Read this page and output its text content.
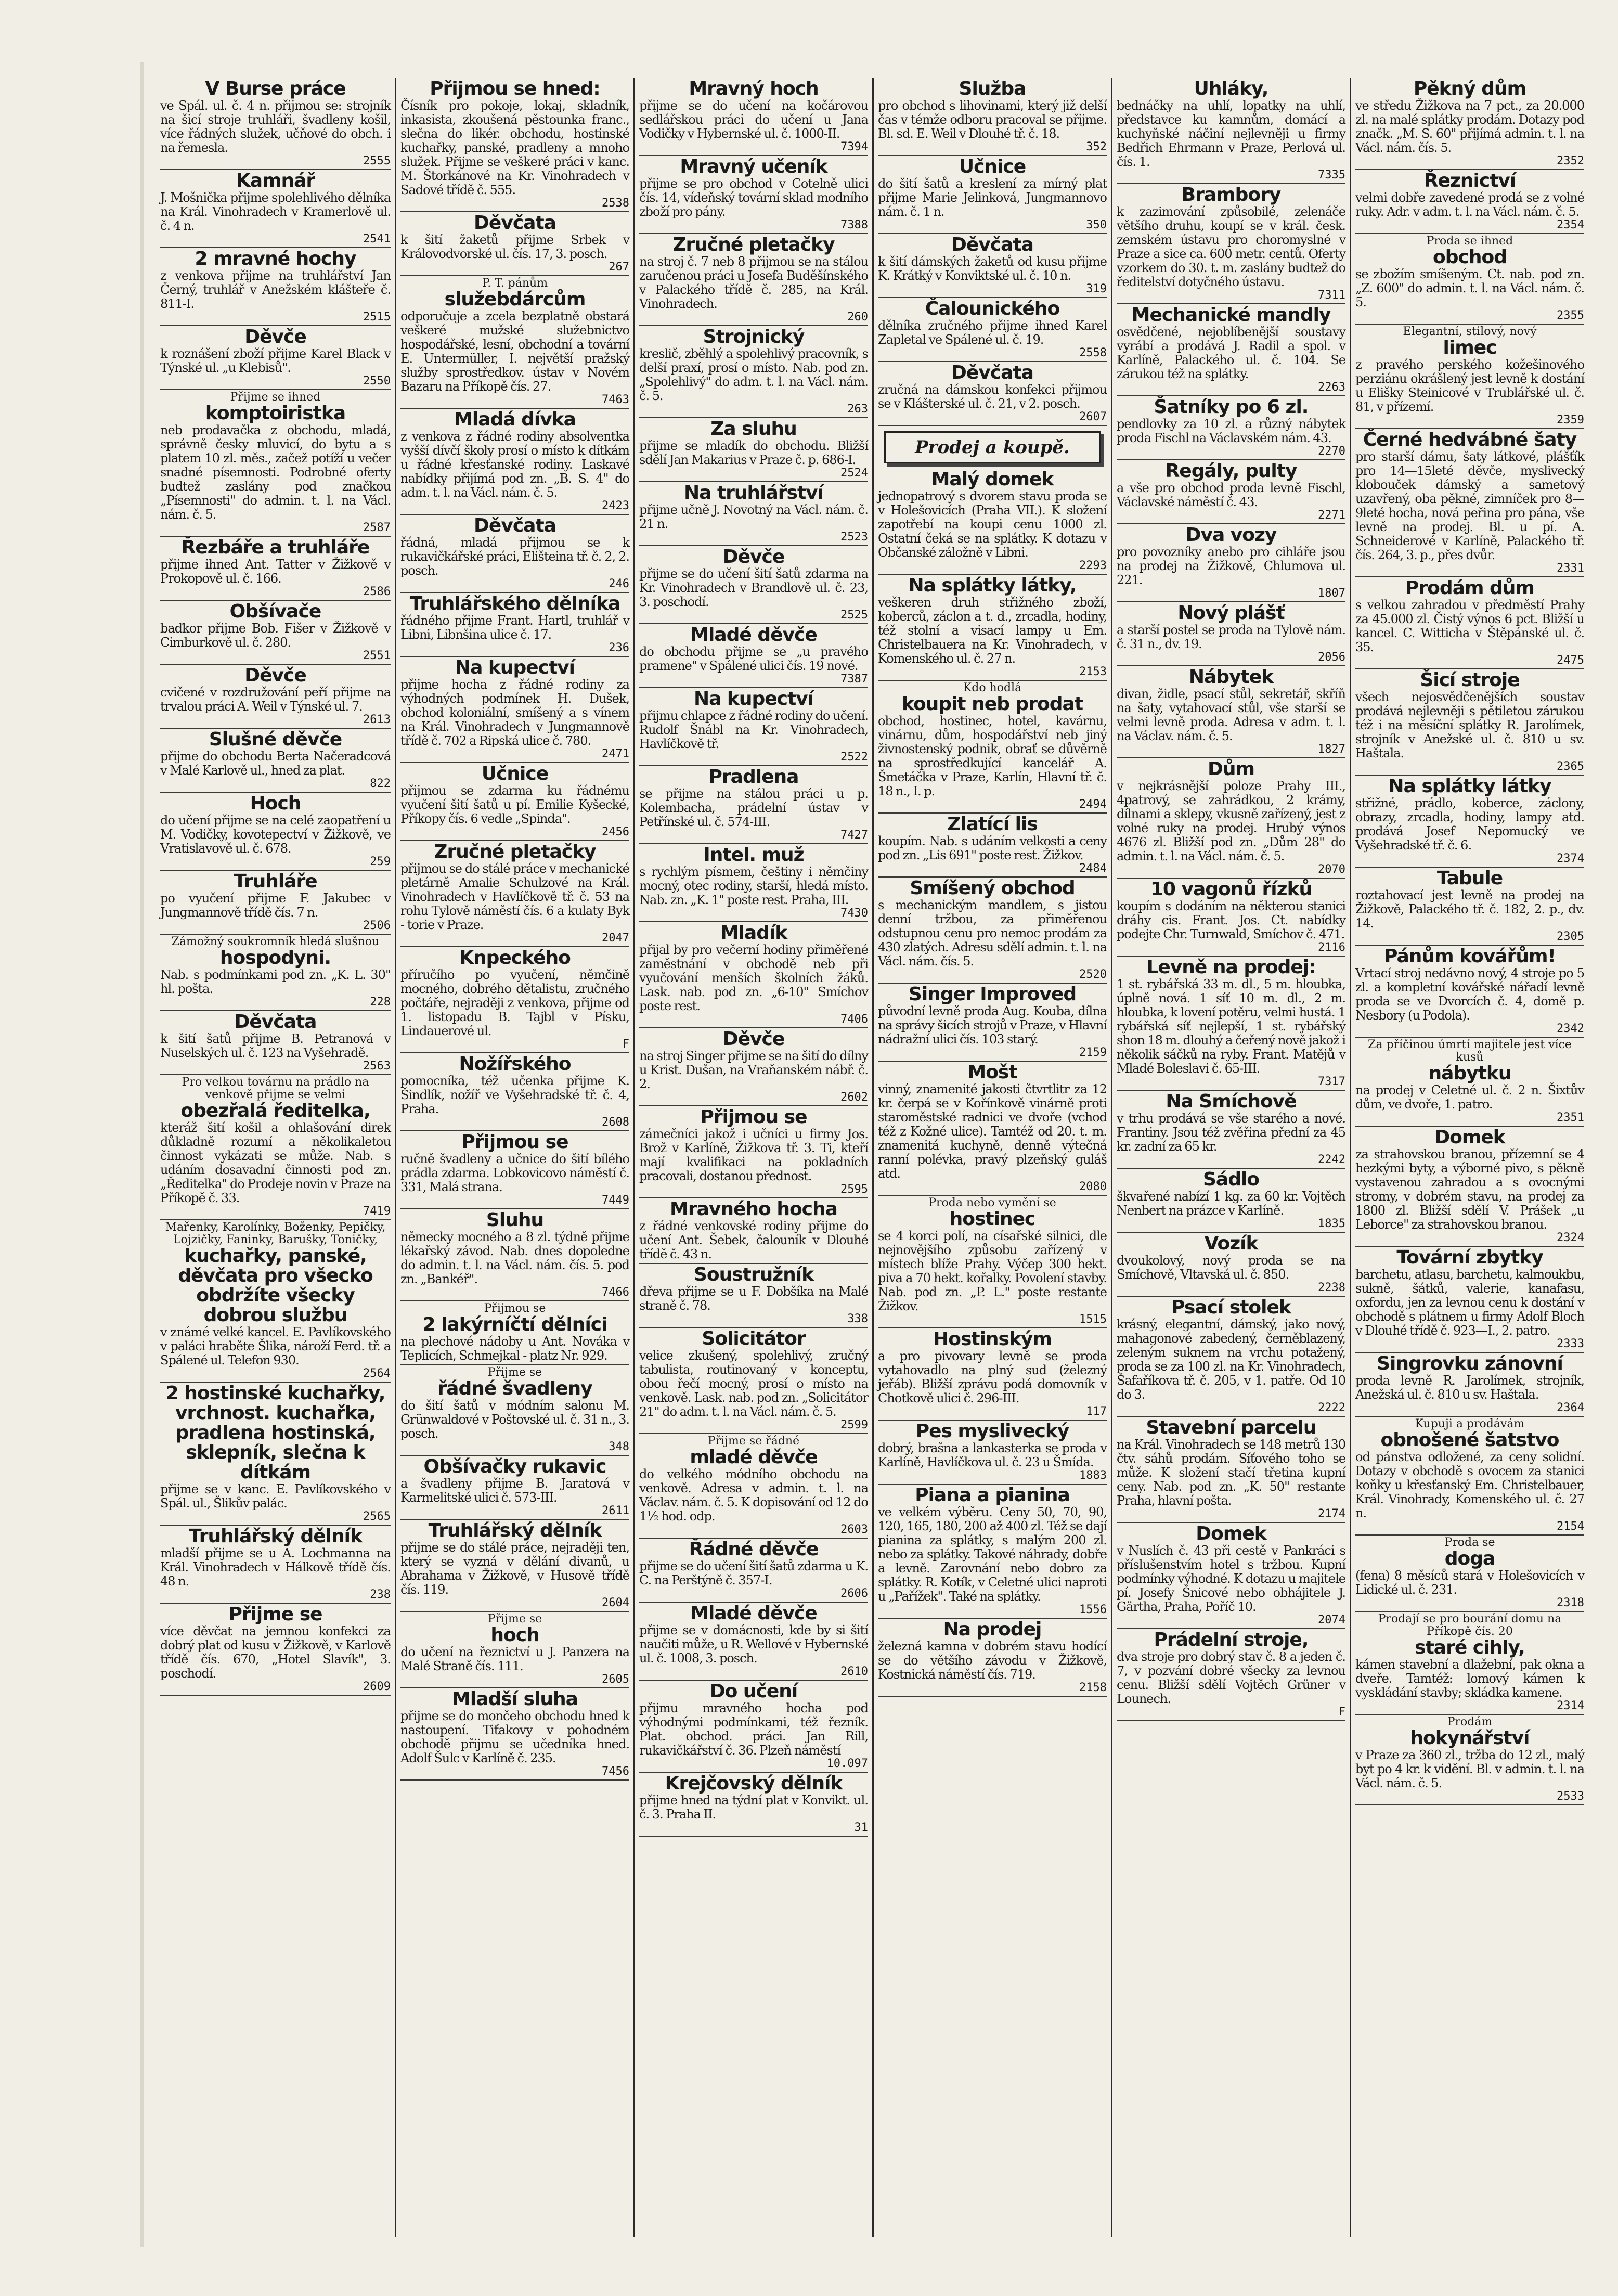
V Burse práce
ve Spál. ul. č. 4 n. přijmou se: strojník na šicí stroje truhláři, švadleny košil, více řádných služek, učňové do obch. i na řemesla.
2555
Kamnář
J. Mošnička přijme spolehlivého dělníka na Král. Vinohradech v Kramerlově ul. č. 4 n.
2541
2 mravné hochy
z venkova přijme na truhlářství Jan Černý, truhlář v Anežském klášteře č. 811-I.
2515
Děvče
k roznášení zboží přijme Karel Black v Týnské ul. „u Klebisů".
2550
Přijme se ihned
komptoiristka
neb prodavačka z obchodu, mladá, správně česky mluvicí, do bytu a s platem 10 zl. měs., začež potíží u večer snadné písemnosti. Podrobné oferty budtež zaslány pod značkou „Písemnosti" do admin. t. l. na Václ. nám. č. 5.
2587
Řezbáře a truhláře
přijme ihned Ant. Tatter v Žižkově v Prokopově ul. č. 166.
2586
Obšívače
baďkor přijme Bob. Fišer v Žižkově v Cimburkově ul. č. 280.
2551
Děvče
cvičené v rozdružování peří přijme na trvalou práci A. Weil v Týnské ul. 7.
2613
Slušné děvče
přijme do obchodu Berta Načeradcová v Malé Karlově ul., hned za plat.
822
Hoch
do učení přijme se na celé zaopatření u M. Vodičky, kovotepectví v Žižkově, ve Vratislavově ul. č. 678.
259
Truhláře
po vyučení přijme F. Jakubec v Jungmannově třídě čís. 7 n.
2506
Zámožný soukromník hledá slušnou
hospodyni.
Nab. s podmínkami pod zn. „K. L. 30" hl. pošta.
228
Děvčata
k šití šatů přijme B. Petranová v Nuselských ul. č. 123 na Vyšehradě.
2563
Pro velkou továrnu na prádlo na venkově přijme se velmi
obezřalá ředitelka,
kteráž šití košil a ohlašování direk důkladně rozumí a několikaletou činnost vykázati se může. Nab. s udáním dosavadní činnosti pod zn. „Ředitelka" do Prodeje novin v Praze na Příkopě č. 33.
7419
Mařenky, Karolínky, Boženky, Pepičky, Lojzičky, Faninky, Barušky, Toničky,
kuchařky, panské, děvčata pro všecko obdržíte všecky dobrou službu
v známé velké kancel. E. Pavlíkovského v paláci hraběte Šlika, nároží Ferd. tř. a Spálené ul. Telefon 930.
2564
2 hostinské kuchařky, vrchnost. kuchařka, pradlena hostinská, sklepník, slečna k dítkám
přijme se v kanc. E. Pavlíkovského v Spál. ul., Šlikův palác.
2565
Truhlářský dělník
mladší přijme se u A. Lochmanna na Král. Vinohradech v Hálkově třídě čís. 48 n.
238
Přijme se
více děvčat na jemnou konfekci za dobrý plat od kusu v Žižkově, v Karlově třídě čís. 670, „Hotel Slavík", 3. poschodí.
2609
Přijmou se hned:
Čísník pro pokoje, lokaj, skladník, inkasista, zkoušená pěstounka franc., slečna do likér. obchodu, hostinské kuchařky, panské, pradleny a mnoho služek. Přijme se veškeré práci v kanc. M. Štorkánové na Kr. Vinohradech v Sadové třídě č. 555.
2538
Děvčata
k šití žaketů přijme Srbek v Královodvorské ul. čís. 17, 3. posch.
267
P. T. pánům
služebdárcům
odporučuje a zcela bezplatně obstará veškeré mužské služebnictvo hospodářské, lesní, obchodní a tovární E. Untermüller, I. největší pražský služby sprostředkov. ústav v Novém Bazaru na Příkopě čís. 27.
7463
Mladá dívka
z venkova z řádné rodiny absolventka vyšší dívčí školy prosí o místo k dítkám u řádné křesťanské rodiny. Laskavé nabídky přijímá pod zn. „B. S. 4" do adm. t. l. na Václ. nám. č. 5.
2423
Děvčata
řádná, mladá přijmou se k rukavičkářské práci, Elišteina tř. č. 2, 2. posch.
246
Truhlářského dělníka
řádného přijme Frant. Hartl, truhlář v Libni, Libnšina ulice č. 17.
236
Na kupectví
přijme hocha z řádné rodiny za výhodných podmínek H. Dušek, obchod koloniální, smíšený a s vínem na Král. Vinohradech v Jungmannově třídě č. 702 a Ripská ulice č. 780.
2471
Učnice
přijmou se zdarma ku řádnému vyučení šití šatů u pí. Emilie Kyšecké, Příkopy čís. 6 vedle „Spinda".
2456
Zručné pletačky
přijmou se do stálé práce v mechanické pletárně Amalie Schulzové na Král. Vinohradech v Havlíčkově tř. č. 53 na rohu Tylově náměstí čís. 6 a kulaty Byk - torie v Praze.
2047
Knpeckého
příručího po vyučení, němčině mocného, dobrého dětalistu, zručného počtáře, nejraději z venkova, přijme od 1. listopadu B. Tajbl v Písku, Lindauerové ul.
F
Nožířského
pomocníka, též učenka přijme K. Šindlík, nožíř ve Vyšehradské tř. č. 4, Praha.
2608
Přijmou se
ručně švadleny a učnice do šití bílého prádla zdarma. Lobkovicovo náměstí č. 331, Malá strana.
7449
Sluhu
německy mocného a 8 zl. týdně přijme lékařský závod. Nab. dnes dopoledne do admin. t. l. na Václ. nám. čís. 5. pod zn. „Bankéř".
7466
Přijmou se
2 lakýrníčtí dělníci
na plechové nádoby u Ant. Nováka v Teplicích, Schmejkal - platz Nr. 929.
Přijme se
řádné švadleny
do šití šatů v módním salonu M. Grünwaldové v Poštovské ul. č. 31 n., 3. posch.
348
Obšívačky rukavic
a švadleny přijme B. Jaratová v Karmelitské ulici č. 573-III.
2611
Truhlářský dělník
přijme se do stálé práce, nejraději ten, který se vyzná v dělání divanů, u Abrahama v Žižkově, v Husově třídě čís. 119.
2604
Přijme se
hoch
do učení na řeznictví u J. Panzera na Malé Straně čís. 111.
2605
Mladší sluha
přijme se do mončeho obchodu hned k nastoupení. Tiťakovy v pohodném obchodě přijmu se učedníka hned. Adolf Šulc v Karlíně č. 235.
7456
Mravný hoch
přijme se do učení na kočárovou sedlářskou práci do učení u Jana Vodičky v Hybernské ul. č. 1000-II.
7394
Mravný učeník
přijme se pro obchod v Cotelně ulici čís. 14, vídeňský tovární sklad modního zboží pro pány.
7388
Zručné pletačky
na stroj č. 7 neb 8 přijmou se na stálou zaručenou práci u Josefa Buděšínského v Palackého třídě č. 285, na Král. Vinohradech.
260
Strojnický
kreslič, zběhlý a spolehlivý pracovník, s delší praxí, prosí o místo. Nab. pod zn. „Spolehlivý" do adm. t. l. na Václ. nám. č. 5.
263
Za sluhu
přijme se mladík do obchodu. Bližší sdělí Jan Makarius v Praze č. p. 686-I.
2524
Na truhlářství
přijme učně J. Novotný na Václ. nám. č. 21 n.
2523
Děvče
přijme se do učení šití šatů zdarma na Kr. Vinohradech v Brandlově ul. č. 23, 3. poschodí.
2525
Mladé děvče
do obchodu přijme se „u pravého pramene" v Spálené ulici čís. 19 nové.
7387
Na kupectví
přijmu chlapce z řádné rodiny do učení. Rudolf Šnábl na Kr. Vinohradech, Havlíčkově tř.
2522
Pradlena
se přijme na stálou práci u p. Kolembacha, prádelní ústav v Petřínské ul. č. 574-III.
7427
Intel. muž
s rychlým písmem, češtiny i němčiny mocný, otec rodiny, starší, hledá místo. Nab. zn. „K. 1" poste rest. Praha, III.
7430
Mladík
přijal by pro večerní hodiny přiměřené zaměstnání v obchodě neb při vyučování menších školních žáků. Lask. nab. pod zn. „6-10" Smíchov poste rest.
7406
Děvče
na stroj Singer přijme se na šití do dílny u Krist. Dušan, na Vraňanském nábř. č. 2.
2602
Přijmou se
zámečníci jakož i učníci u firmy Jos. Brož v Karlíně, Žižkova tř. 3. Ti, kteří mají kvalifikaci na pokladních pracovali, dostanou přednost.
2595
Mravného hocha
z řádné venkovské rodiny přijme do učení Ant. Šebek, čalouník v Dlouhé třídě č. 43 n.
Soustružník
dřeva přijme se u F. Dobšíka na Malé straně č. 78.
338
Solicitátor
velice zkušený, spolehlivý, zručný tabulista, routinovaný v konceptu, obou řečí mocný, prosí o místo na venkově. Lask. nab. pod zn. „Solicitátor 21" do adm. t. l. na Václ. nám. č. 5.
2599
Přijme se řádné
mladé děvče
do velkého módního obchodu na venkově. Adresa v admin. t. l. na Václav. nám. č. 5. K dopisování od 12 do 1½ hod. odp.
2603
Řádné děvče
přijme se do učení šití šatů zdarma u K. C. na Perštýně č. 357-I.
2606
Mladé děvče
přijme se v domácnosti, kde by si šití naučiti může, u R. Wellové v Hybernské ul. č. 1008, 3. posch.
2610
Do učení
přijmu mravného hocha pod výhodnými podmínkami, též řezník. Plat. obchod. práci. Jan Rill, rukavičkářství č. 36. Plzeň náměstí
10.097
Krejčovský dělník
přijme hned na týdní plat v Konvikt. ul. č. 3. Praha II.
31
Služba
pro obchod s lihovinami, který již delší čas v témže odboru pracoval se přijme. Bl. sd. E. Weil v Dlouhé tř. č. 18.
352
Učnice
do šití šatů a kreslení za mírný plat přijme Marie Jelinková, Jungmannovo nám. č. 1 n.
350
Děvčata
k šití dámských žaketů od kusu přijme K. Krátký v Konviktské ul. č. 10 n.
319
Čalounického
dělníka zručného přijme ihned Karel Zapletal ve Spálené ul. č. 19.
2558
Děvčata
zručná na dámskou konfekci přijmou se v Klášterské ul. č. 21, v 2. posch.
2607
Prodej a koupě.
Malý domek
jednopatrový s dvorem stavu proda se v Holešovicích (Praha VII.). K složení zapotřebí na koupi cenu 1000 zl. Ostatní čeká se na splátky. K dotazu v Občanské záložně v Libni.
2293
Na splátky látky,
veškeren druh střižného zboží, koberců, záclon a t. d., zrcadla, hodiny, též stolní a visací lampy u Em. Christelbauera na Kr. Vinohradech, v Komenského ul. č. 27 n.
2153
Kdo hodlá
koupit neb prodat
obchod, hostinec, hotel, kavárnu, vinárnu, dům, hospodářství neb jiný živnostenský podnik, obrať se důvěrně na sprostředkující kancelář A. Šmetáčka v Praze, Karlín, Hlavní tř. č. 18 n., I. p.
2494
Zlatící lis
koupím. Nab. s udáním velkosti a ceny pod zn. „Lis 691" poste rest. Žižkov.
2484
Smíšený obchod
s mechanickým mandlem, s jistou denní tržbou, za přiměřenou odstupnou cenu pro nemoc prodám za 430 zlatých. Adresu sdělí admin. t. l. na Václ. nám. čís. 5.
2520
Singer Improved
původní levně proda Aug. Kouba, dílna na správy šicích strojů v Praze, v Hlavní nádražní ulici čís. 103 starý.
2159
Mošt
vinný, znamenité jakosti čtvrtlitr za 12 kr. čerpá se v Kořínkově vinárně proti staroměstské radnici ve dvoře (vchod též z Kožné ulice). Tamtéž od 20. t. m. znamenitá kuchyně, denně výtečná ranní polévka, pravý plzeňský guláš atd.
2080
Proda nebo vymění se
hostinec
se 4 korci polí, na císařské silnici, dle nejnovějšího způsobu zařízený v místech blíže Prahy. Výčep 300 hekt. piva a 70 hekt. kořalky. Povolení stavby. Nab. pod zn. „P. L." poste restante Žižkov.
1515
Hostinským
a pro pivovary levně se proda vytahovadlo na plný sud (železný jeřáb). Bližší zprávu podá domovník v Chotkově ulici č. 296-III.
117
Pes myslivecký
dobrý, brašna a lankasterka se proda v Karlíně, Havlíčkova ul. č. 23 u Šmída.
1883
Piana a pianina
ve velkém výběru. Ceny 50, 70, 90, 120, 165, 180, 200 až 400 zl. Též se dají pianina za splátky, s malým 200 zl. nebo za splátky. Takové náhrady, dobře a levně. Zarovnání nebo dobro za splátky. R. Kotík, v Celetné ulici naproti u „Pařížek". Také na splátky.
1556
Na prodej
železná kamna v dobrém stavu hodící se do většího závodu v Žižkově, Kostnická náměstí čís. 719.
2158
Uhláky,
bednáčky na uhlí, lopatky na uhlí, představce ku kamnům, domácí a kuchyňské náčiní nejlevněji u firmy Bedřich Ehrmann v Praze, Perlová ul. čís. 1.
7335
Brambory
k zazimování způsobilé, zelenáče většího druhu, koupí se v král. česk. zemském ústavu pro choromyslné v Praze a sice ca. 600 metr. centů. Oferty vzorkem do 30. t. m. zaslány budtež do ředitelství dotyčného ústavu.
7311
Mechanické mandly
osvědčené, nejoblíbenější soustavy vyrábí a prodává J. Radil a spol. v Karlíně, Palackého ul. č. 104. Se zárukou též na splátky.
2263
Šatníky po 6 zl.
pendlovky za 10 zl. a různý nábytek proda Fischl na Václavském nám. 43.
2270
Regály, pulty
a vše pro obchod proda levně Fischl, Václavské náměstí č. 43.
2271
Dva vozy
pro povozníky anebo pro cihláře jsou na prodej na Žižkově, Chlumova ul. 221.
1807
Nový plášť
a starší postel se proda na Tylově nám. č. 31 n., dv. 19.
2056
Nábytek
divan, židle, psací stůl, sekretář, skříň na šaty, vytahovací stůl, vše starší se velmi levně proda. Adresa v adm. t. l. na Václav. nám. č. 5.
1827
Dům
v nejkrásnější poloze Prahy III., 4patrový, se zahrádkou, 2 krámy, dílnami a sklepy, vkusně zařízený, jest z volné ruky na prodej. Hrubý výnos 4676 zl. Bližší pod zn. „Dům 28" do admin. t. l. na Václ. nám. č. 5.
2070
10 vagonů řízků
koupím s dodáním na některou stanici dráhy cis. Frant. Jos. Ct. nabídky podejte Chr. Turnwald, Smíchov č. 471.
2116
Levně na prodej:
1 st. rybářská 33 m. dl., 5 m. hloubka, úplně nová. 1 síť 10 m. dl., 2 m. hloubka, k lovení potěru, velmi hustá. 1 rybářská síť nejlepší, 1 st. rybářský shon 18 m. dlouhý a čeřený nově jakož i několik sáčků na ryby. Frant. Matějů v Mladé Boleslavi č. 65-III.
7317
Na Smíchově
v trhu prodává se vše starého a nové. Frantiny. Jsou též zvěřina přední za 45 kr. zadní za 65 kr.
2242
Sádlo
škvařené nabízí 1 kg. za 60 kr. Vojtěch Nenbert na prázce v Karlíně.
1835
Vozík
dvoukolový, nový proda se na Smíchově, Vltavská ul. č. 850.
2238
Psací stolek
krásný, elegantní, dámský, jako nový, mahagonové zabedený, černěblazený, zeleným suknem na vrchu potažený, proda se za 100 zl. na Kr. Vinohradech, Šafaříkova tř. č. 205, v 1. patře. Od 10 do 3.
2222
Stavební parcelu
na Král. Vinohradech se 148 metrů 130 čtv. sáhů prodám. Síťového toho se může. K složení stačí třetina kupní ceny. Nab. pod zn. „K. 50" restante Praha, hlavní pošta.
2174
Domek
v Nuslích č. 43 při cestě v Pankráci s příslušenstvím hotel s tržbou. Kupní podmínky výhodné. K dotazu u majitele pí. Josefy Šnicové nebo obhájitele J. Gärtha, Praha, Poříč 10.
2074
Prádelní stroje,
dva stroje pro dobrý stav č. 8 a jeden č. 7, v pozvání dobré všecky za levnou cenu. Bližší sdělí Vojtěch Grüner v Lounech.
F
Pěkný dům
ve středu Žižkova na 7 pct., za 20.000 zl. na malé splátky prodám. Dotazy pod značk. „M. S. 60" přijímá admin. t. l. na Václ. nám. čís. 5.
2352
Řeznictví
velmi dobře zavedené prodá se z volné ruky. Adr. v adm. t. l. na Václ. nám. č. 5.
2354
Proda se ihned
obchod
se zbožím smíšeným. Ct. nab. pod zn. „Z. 600" do admin. t. l. na Václ. nám. č. 5.
2355
Elegantní, stilový, nový
limec
z pravého perského kožešinového perziánu okrášlený jest levně k dostání u Elišky Steinicové v Trublářské ul. č. 81, v přízemí.
2359
Černé hedvábné šaty
pro starší dámu, šaty látkové, plášťík pro 14—15leté děvče, myslivecký klobouček dámský a sametový uzavřený, oba pěkné, zimníček pro 8—9leté hocha, nová peřina pro pána, vše levně na prodej. Bl. u pí. A. Schneiderové v Karlíně, Palackého tř. čís. 264, 3. p., přes dvůr.
2331
Prodám dům
s velkou zahradou v předměstí Prahy za 45.000 zl. Čistý výnos 6 pct. Bližší u kancel. C. Witticha v Štěpánské ul. č. 35.
2475
Šicí stroje
všech nejosvědčenějších soustav prodává nejlevněji s pětiletou zárukou též i na měsíční splátky R. Jarolímek, strojník v Anežské ul. č. 810 u sv. Haštala.
2365
Na splátky látky
střižné, prádlo, koberce, záclony, obrazy, zrcadla, hodiny, lampy atd. prodává Josef Nepomucký ve Vyšehradské tř. č. 6.
2374
Tabule
roztahovací jest levně na prodej na Žižkově, Palackého tř. č. 182, 2. p., dv. 14.
2305
Pánům kovářům!
Vrtací stroj nedávno nový, 4 stroje po 5 zl. a kompletní kovářské nářadí levně proda se ve Dvorcích č. 4, domě p. Nesbory (u Podola).
2342
Za příčinou úmrtí majitele jest více kusů
nábytku
na prodej v Celetné ul. č. 2 n. Šixtův dům, ve dvoře, 1. patro.
2351
Domek
za strahovskou branou, přízemní se 4 hezkými byty, a výborné pivo, s pěkně vystavenou zahradou a s ovocnými stromy, v dobrém stavu, na prodej za 1800 zl. Bližší sdělí V. Prášek „u Leborce" za strahovskou branou.
2324
Tovární zbytky
barchetu, atlasu, barchetu, kalmoukbu, sukně, šátků, valerie, kanafasu, oxfordu, jen za levnou cenu k dostání v obchodě s plátnem u firmy Adolf Bloch v Dlouhé třídě č. 923—I., 2. patro.
2333
Singrovku zánovní
proda levně R. Jarolímek, strojník, Anežská ul. č. 810 u sv. Haštala.
2364
Kupuji a prodávám
obnošené šatstvo
od pánstva odložené, za ceny solidní. Dotazy v obchodě s ovocem za stanici koňky u křesťanský Em. Christelbauer, Král. Vinohrady, Komenského ul. č. 27 n.
2154
Proda se
doga
(fena) 8 měsíců stará v Holešovicích v Lidické ul. č. 231.
2318
Prodají se pro bourání domu na Příkopě čís. 20
staré cihly,
kámen stavební a dlažební, pak okna a dveře. Tamtéž: lomový kámen k vyskládání stavby; skládka kamene.
2314
Prodám
hokynářství
v Praze za 360 zl., tržba do 12 zl., malý byt po 4 kr. k vidění. Bl. v admin. t. l. na Václ. nám. č. 5.
2533
